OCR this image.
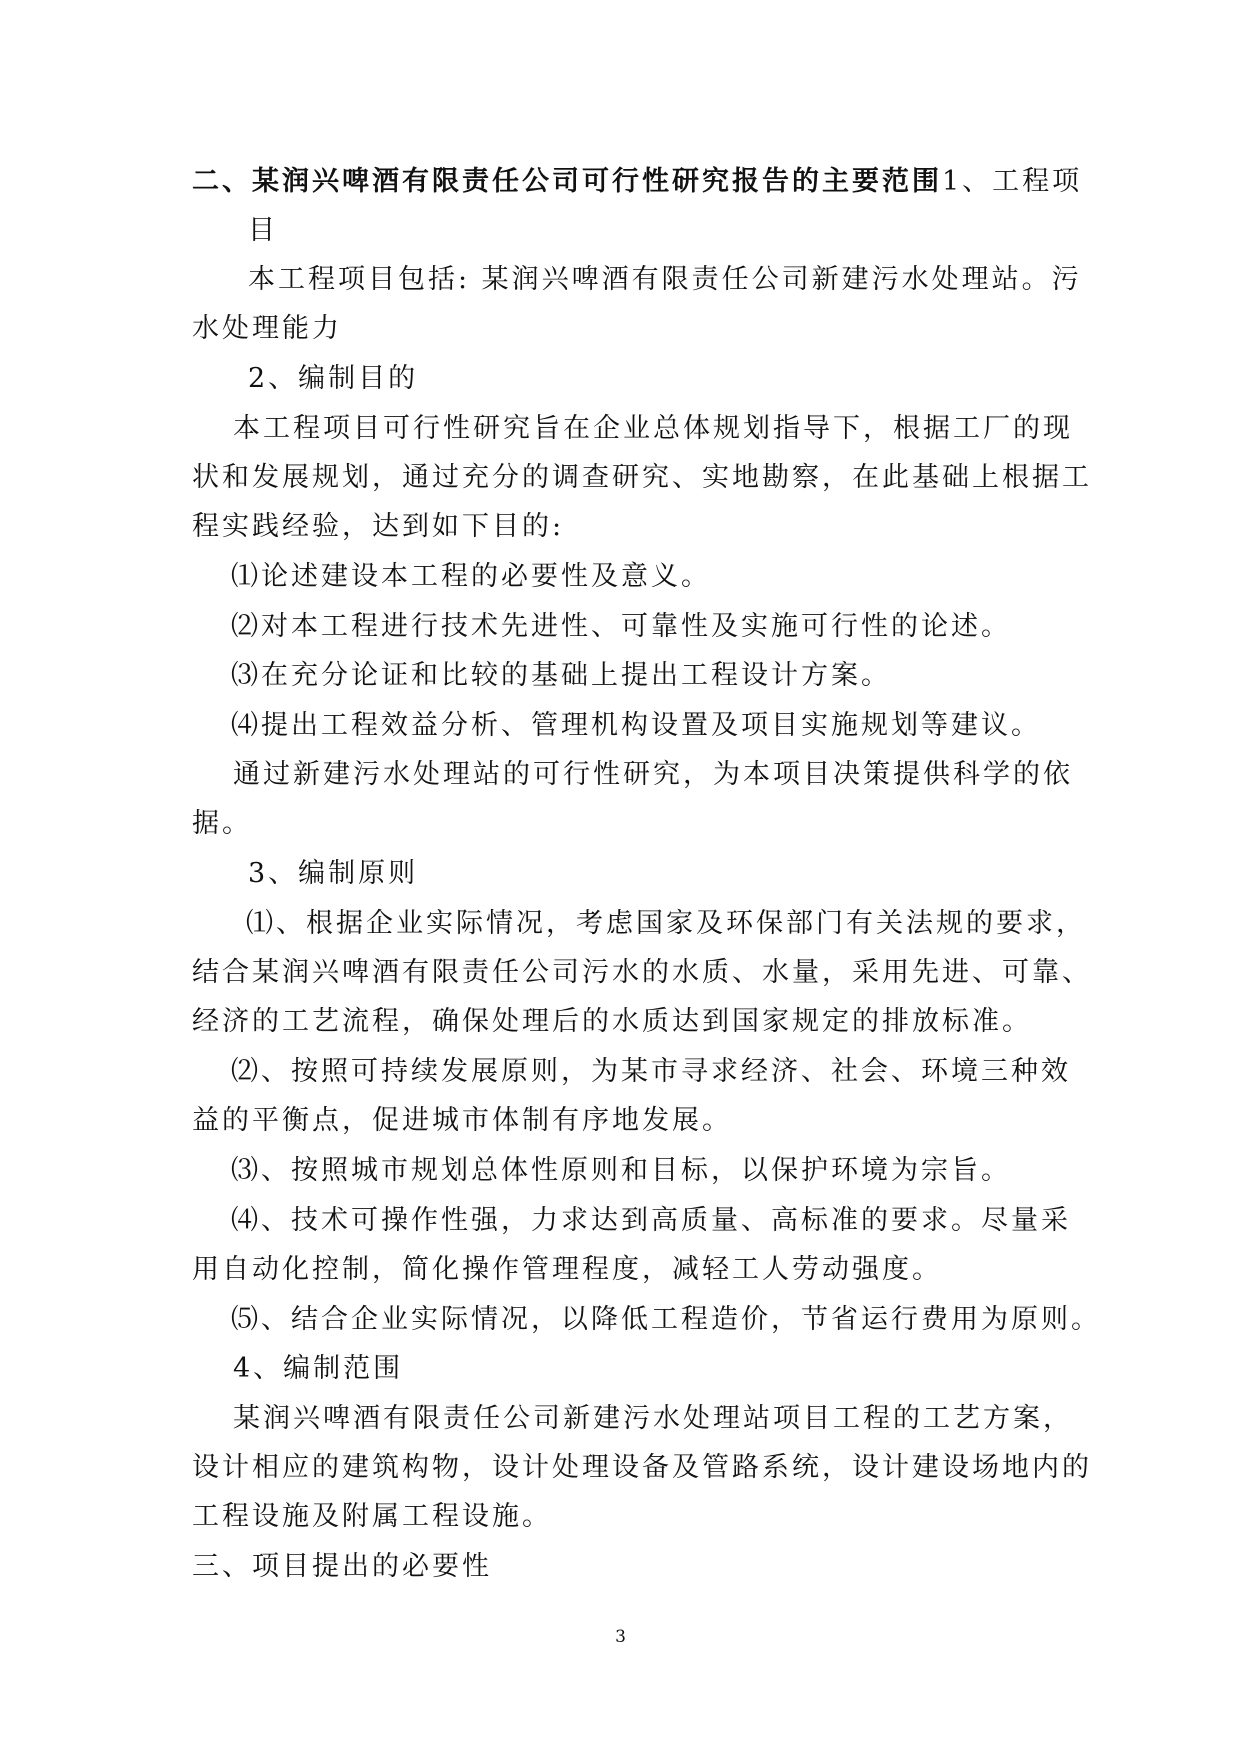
二、某润兴啤酒有限责任公司可行性研究报告的主要范围1、工程项
目
本工程项目包括: 某润兴啤酒有限责任公司新建污水处理站。污
水处理能力
2、编制目的
本工程项目可行性研究旨在企业总体规划指导下，根据工厂的现
状和发展规划，通过充分的调查研究、实地勘察，在此基础上根据工
程实践经验，达到如下目的:
⑴论述建设本工程的必要性及意义。
⑵对本工程进行技术先进性、可靠性及实施可行性的论述。
⑶在充分论证和比较的基础上提出工程设计方案。
⑷提出工程效益分析、管理机构设置及项目实施规划等建议。
通过新建污水处理站的可行性研究，为本项目决策提供科学的依
据。
3、编制原则
⑴、根据企业实际情况，考虑国家及环保部门有关法规的要求，
结合某润兴啤酒有限责任公司污水的水质、水量，采用先进、可靠、
经济的工艺流程，确保处理后的水质达到国家规定的排放标准。
⑵、按照可持续发展原则，为某市寻求经济、社会、环境三种效
益的平衡点，促进城市体制有序地发展。
⑶、按照城市规划总体性原则和目标，以保护环境为宗旨。
⑷、技术可操作性强，力求达到高质量、高标准的要求。尽量采
用自动化控制，简化操作管理程度，减轻工人劳动强度。
⑸、结合企业实际情况，以降低工程造价，节省运行费用为原则。
4、编制范围
某润兴啤酒有限责任公司新建污水处理站项目工程的工艺方案，
设计相应的建筑构物，设计处理设备及管路系统，设计建设场地内的
工程设施及附属工程设施。
三、项目提出的必要性
3
